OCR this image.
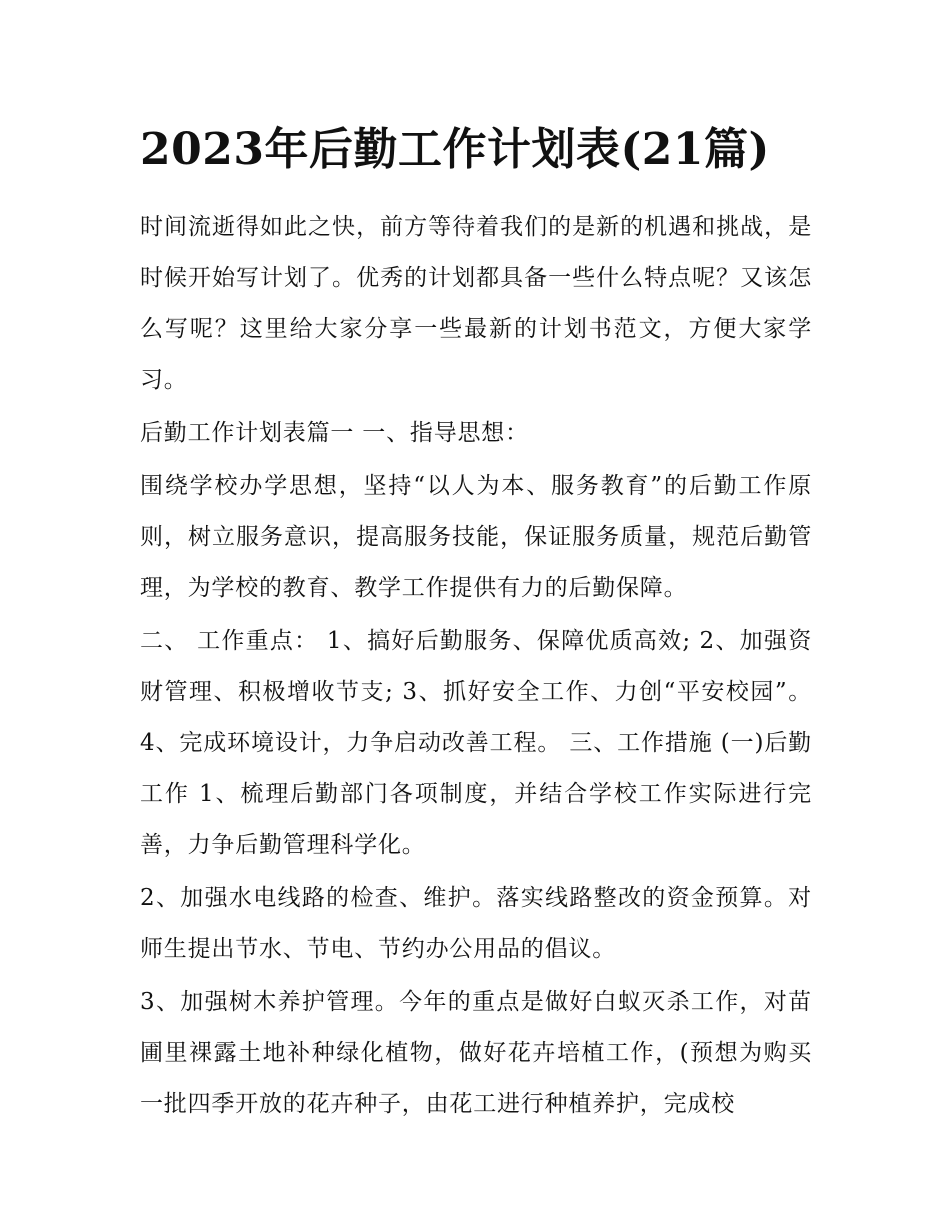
2023年后勤工作计划表(21篇)

时间流逝得如此之快，前方等待着我们的是新的机遇和挑战，是时候开始写计划了。优秀的计划都具备一些什么特点呢？又该怎么写呢？这里给大家分享一些最新的计划书范文，方便大家学习。

后勤工作计划表篇一 一、指导思想：

围绕学校办学思想，坚持“以人为本、服务教育”的后勤工作原则，树立服务意识，提高服务技能，保证服务质量，规范后勤管理，为学校的教育、教学工作提供有力的后勤保障。

二、 工作重点： 1、搞好后勤服务、保障优质高效; 2、加强资财管理、积极增收节支; 3、抓好安全工作、力创“平安校园”。4、完成环境设计，力争启动改善工程。 三、工作措施 (一)后勤工作 1、梳理后勤部门各项制度，并结合学校工作实际进行完善，力争后勤管理科学化。

2、加强水电线路的检查、维护。落实线路整改的资金预算。对师生提出节水、节电、节约办公用品的倡议。

3、加强树木养护管理。今年的重点是做好白蚁灭杀工作，对苗圃里裸露土地补种绿化植物，做好花卉培植工作，(预想为购买一批四季开放的花卉种子，由花工进行种植养护，完成校
